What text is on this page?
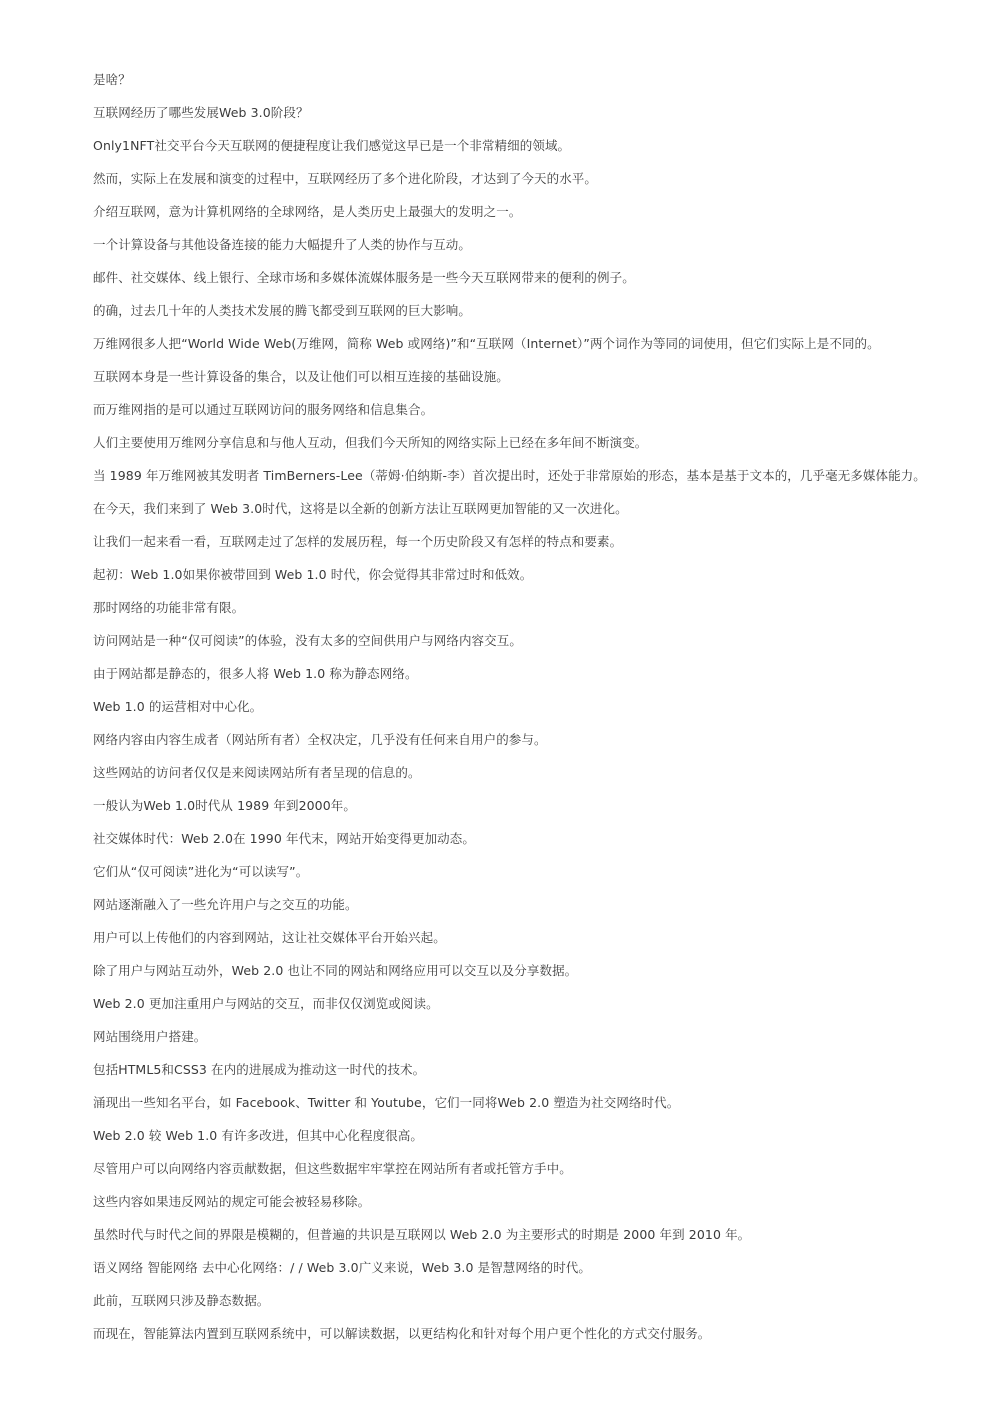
是啥？

互联网经历了哪些发展Web 3.0阶段？

Only1NFT社交平台今天互联网的便捷程度让我们感觉这早已是一个非常精细的领域。

然而，实际上在发展和演变的过程中，互联网经历了多个进化阶段，才达到了今天的水平。

介绍互联网，意为计算机网络的全球网络，是人类历史上最强大的发明之一。

一个计算设备与其他设备连接的能力大幅提升了人类的协作与互动。

邮件、社交媒体、线上银行、全球市场和多媒体流媒体服务是一些今天互联网带来的便利的例子。

的确，过去几十年的人类技术发展的腾飞都受到互联网的巨大影响。

万维网很多人把“World Wide Web(万维网，简称 Web 或网络)”和“互联网（Internet）”两个词作为等同的词使用，但它们实际上是不同的。

互联网本身是一些计算设备的集合，以及让他们可以相互连接的基础设施。

而万维网指的是可以通过互联网访问的服务网络和信息集合。

人们主要使用万维网分享信息和与他人互动，但我们今天所知的网络实际上已经在多年间不断演变。

当 1989 年万维网被其发明者 TimBerners-Lee（蒂姆·伯纳斯-李）首次提出时，还处于非常原始的形态，基本是基于文本的，几乎毫无多媒体能力。

在今天，我们来到了 Web 3.0时代，这将是以全新的创新方法让互联网更加智能的又一次进化。

让我们一起来看一看，互联网走过了怎样的发展历程，每一个历史阶段又有怎样的特点和要素。

起初：Web 1.0如果你被带回到 Web 1.0 时代，你会觉得其非常过时和低效。

那时网络的功能非常有限。

访问网站是一种“仅可阅读”的体验，没有太多的空间供用户与网络内容交互。

由于网站都是静态的，很多人将 Web 1.0 称为静态网络。

Web 1.0 的运营相对中心化。

网络内容由内容生成者（网站所有者）全权决定，几乎没有任何来自用户的参与。

这些网站的访问者仅仅是来阅读网站所有者呈现的信息的。

一般认为Web 1.0时代从 1989 年到2000年。

社交媒体时代：Web 2.0在 1990 年代末，网站开始变得更加动态。

它们从“仅可阅读”进化为“可以读写”。

网站逐渐融入了一些允许用户与之交互的功能。

用户可以上传他们的内容到网站，这让社交媒体平台开始兴起。

除了用户与网站互动外，Web 2.0 也让不同的网站和网络应用可以交互以及分享数据。

Web 2.0 更加注重用户与网站的交互，而非仅仅浏览或阅读。

网站围绕用户搭建。

包括HTML5和CSS3 在内的进展成为推动这一时代的技术。

涌现出一些知名平台，如 Facebook、Twitter 和 Youtube，它们一同将Web 2.0 塑造为社交网络时代。

Web 2.0 较 Web 1.0 有许多改进，但其中心化程度很高。

尽管用户可以向网络内容贡献数据，但这些数据牢牢掌控在网站所有者或托管方手中。

这些内容如果违反网站的规定可能会被轻易移除。

虽然时代与时代之间的界限是模糊的，但普遍的共识是互联网以 Web 2.0 为主要形式的时期是 2000 年到 2010 年。

语义网络 智能网络 去中心化网络：/ / Web 3.0广义来说，Web 3.0 是智慧网络的时代。

此前，互联网只涉及静态数据。

而现在，智能算法内置到互联网系统中，可以解读数据，以更结构化和针对每个用户更个性化的方式交付服务。
